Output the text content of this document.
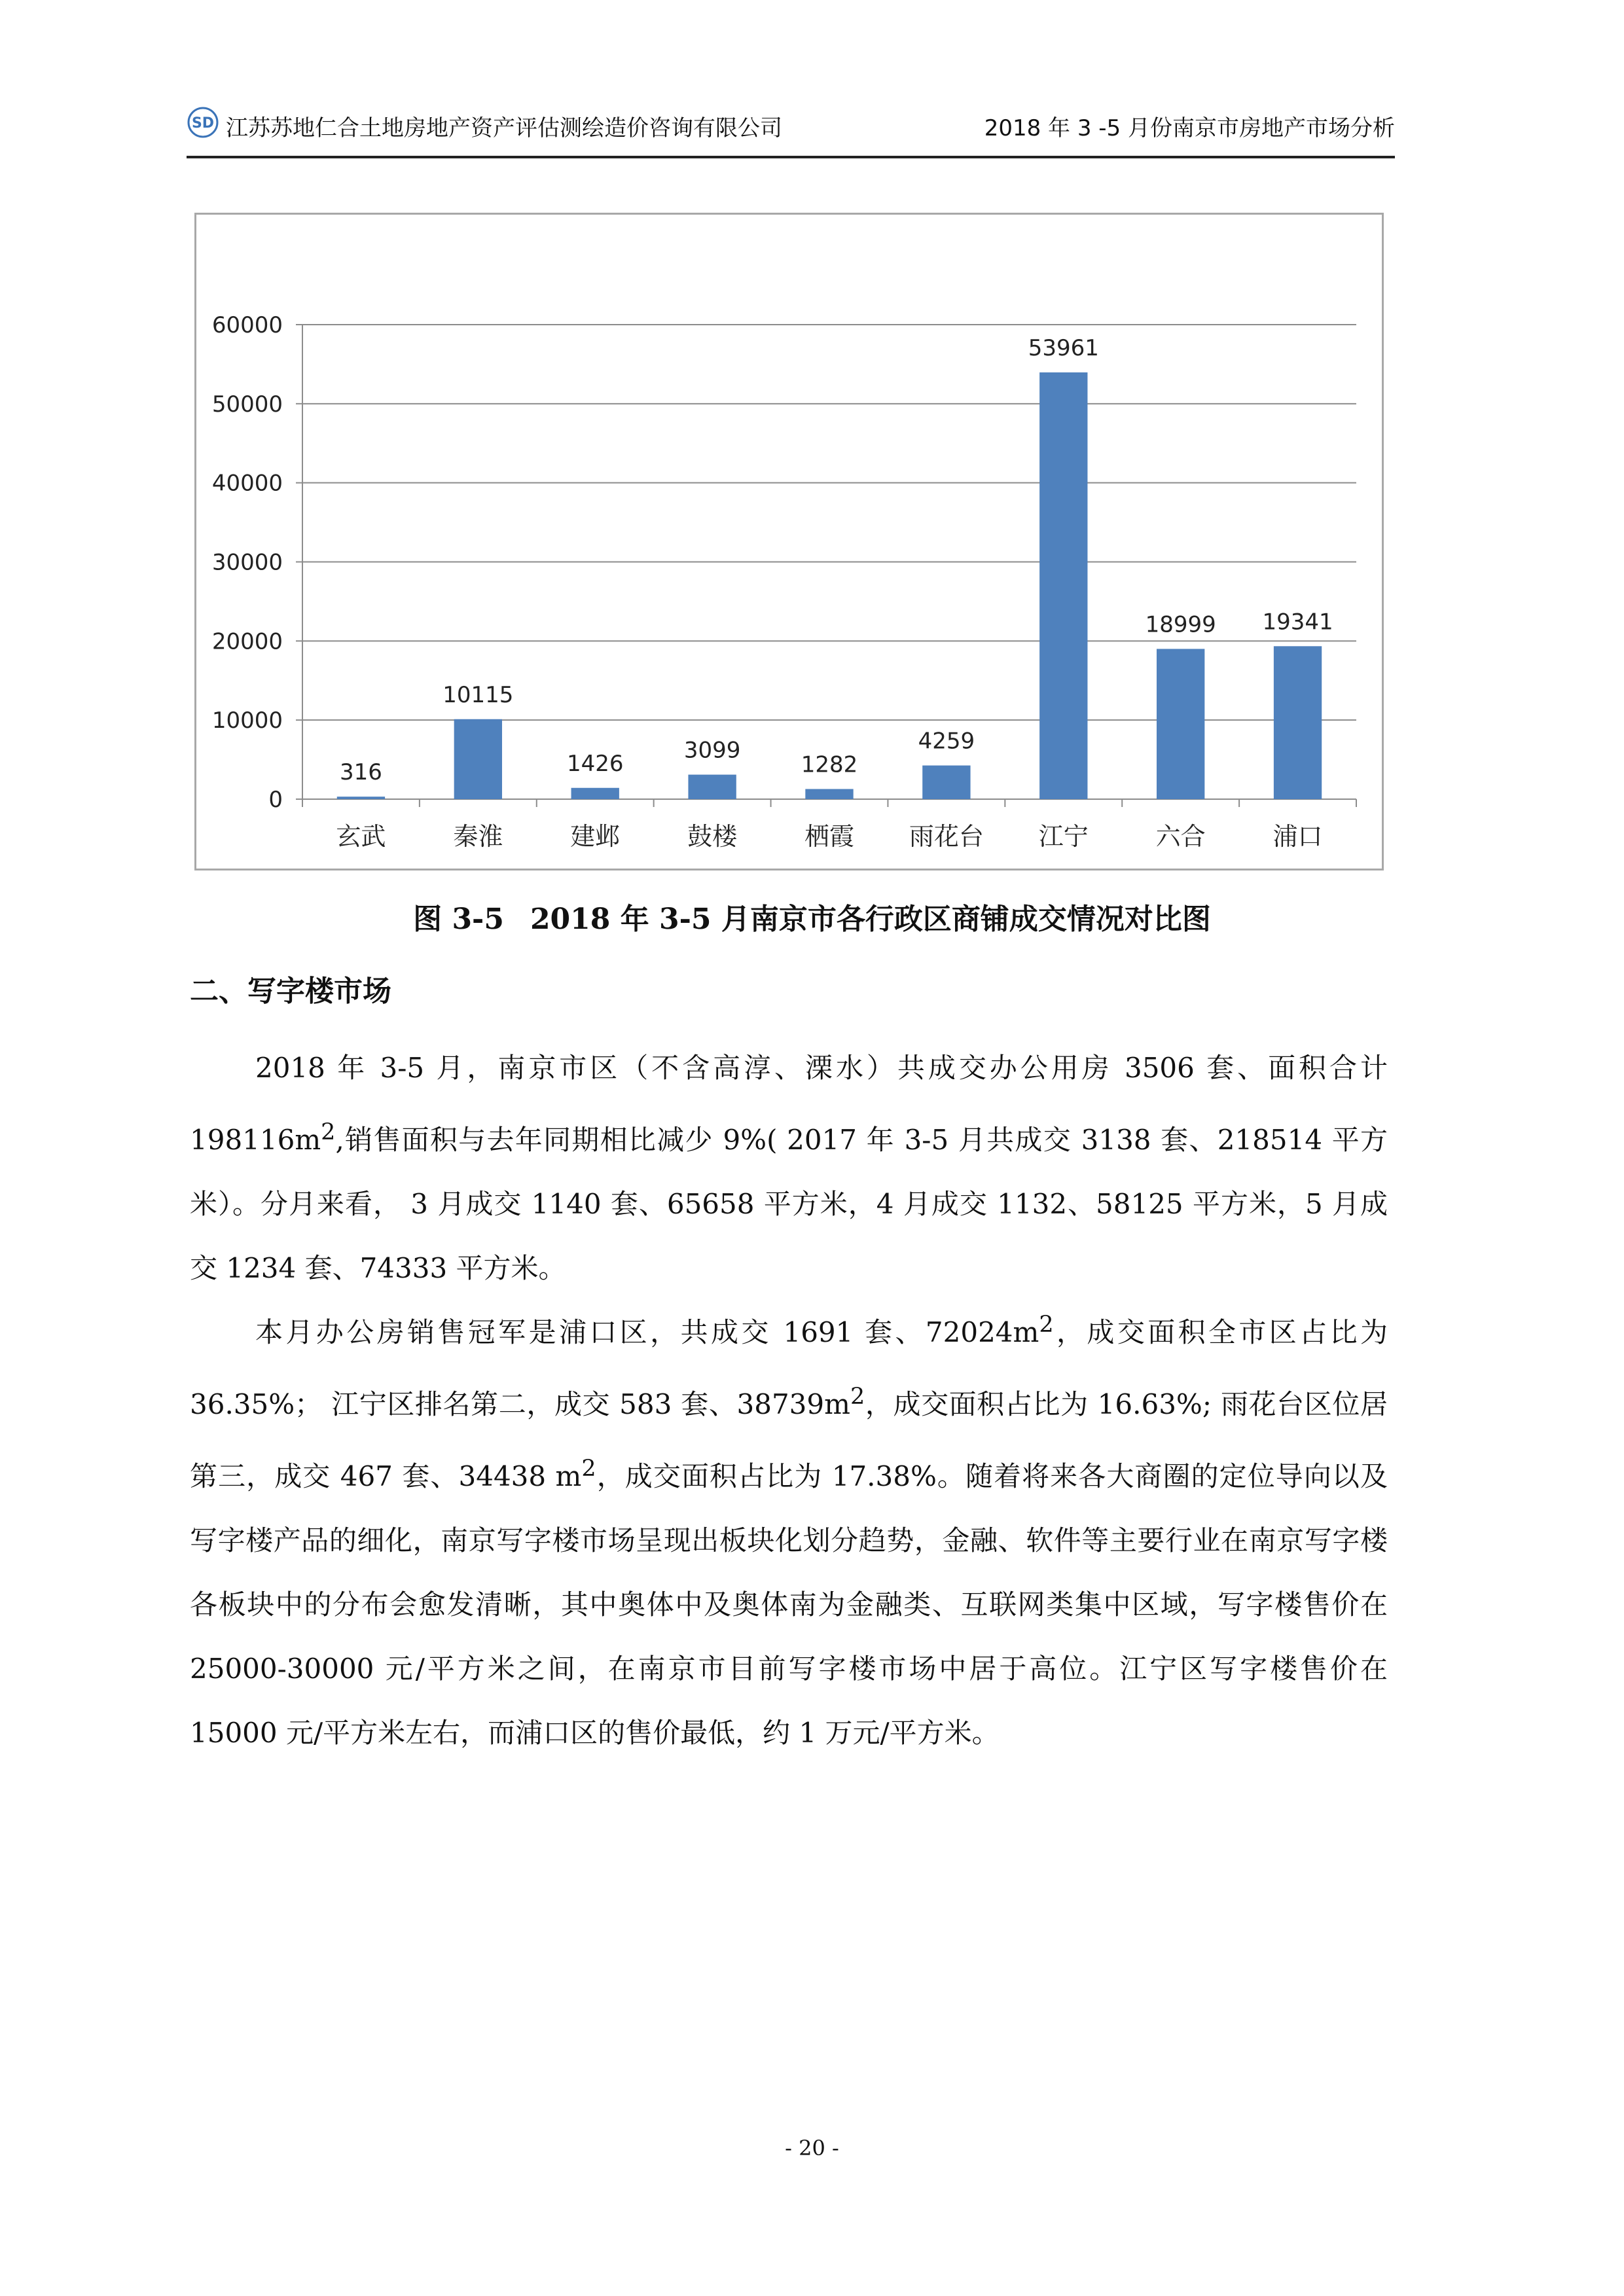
SD 江苏苏地仁合土地房地产资产评估测绘造价咨询有限公司	2018 年 3 -5 月份南京市房地产市场分析
0
10000
20000
30000
40000
50000
60000
316
玄武
10115
秦淮
1426
建邺
3099
鼓楼
1282
栖霞
4259
雨花台
53961
江宁
18999
六合
19341
浦口
图 3-5 2018 年 3-5 月南京市各行政区商铺成交情况对比图
二、写字楼市场

2018 年 3-5 月，南京市区（不含高淳、溧水）共成交办公用房 3506 套、面积合计 $198116m^2$,销售面积与去年同期相比减少 9%( 2017 年 3-5 月共成交 3138 套、218514 平方米）。分月来看， 3 月成交 1140 套、65658 平方米，4 月成交 1132、58125 平方米，5 月成交 1234 套、74333 平方米。

本月办公房销售冠军是浦口区，共成交 1691 套、$72024m^2$，成交面积全市区占比为 36.35%； 江宁区排名第二，成交 583 套、$38739m^2$，成交面积占比为 16.63%; 雨花台区位居第三，成交 467 套、34438 $m^2$，成交面积占比为 17.38%。随着将来各大商圈的定位导向以及写字楼产品的细化，南京写字楼市场呈现出板块化划分趋势，金融、软件等主要行业在南京写字楼各板块中的分布会愈发清晰，其中奥体中及奥体南为金融类、互联网类集中区域，写字楼售价在 25000-30000 元/平方米之间，在南京市目前写字楼市场中居于高位。江宁区写字楼售价在 15000 元/平方米左右，而浦口区的售价最低，约 1 万元/平方米。

- 20 -
